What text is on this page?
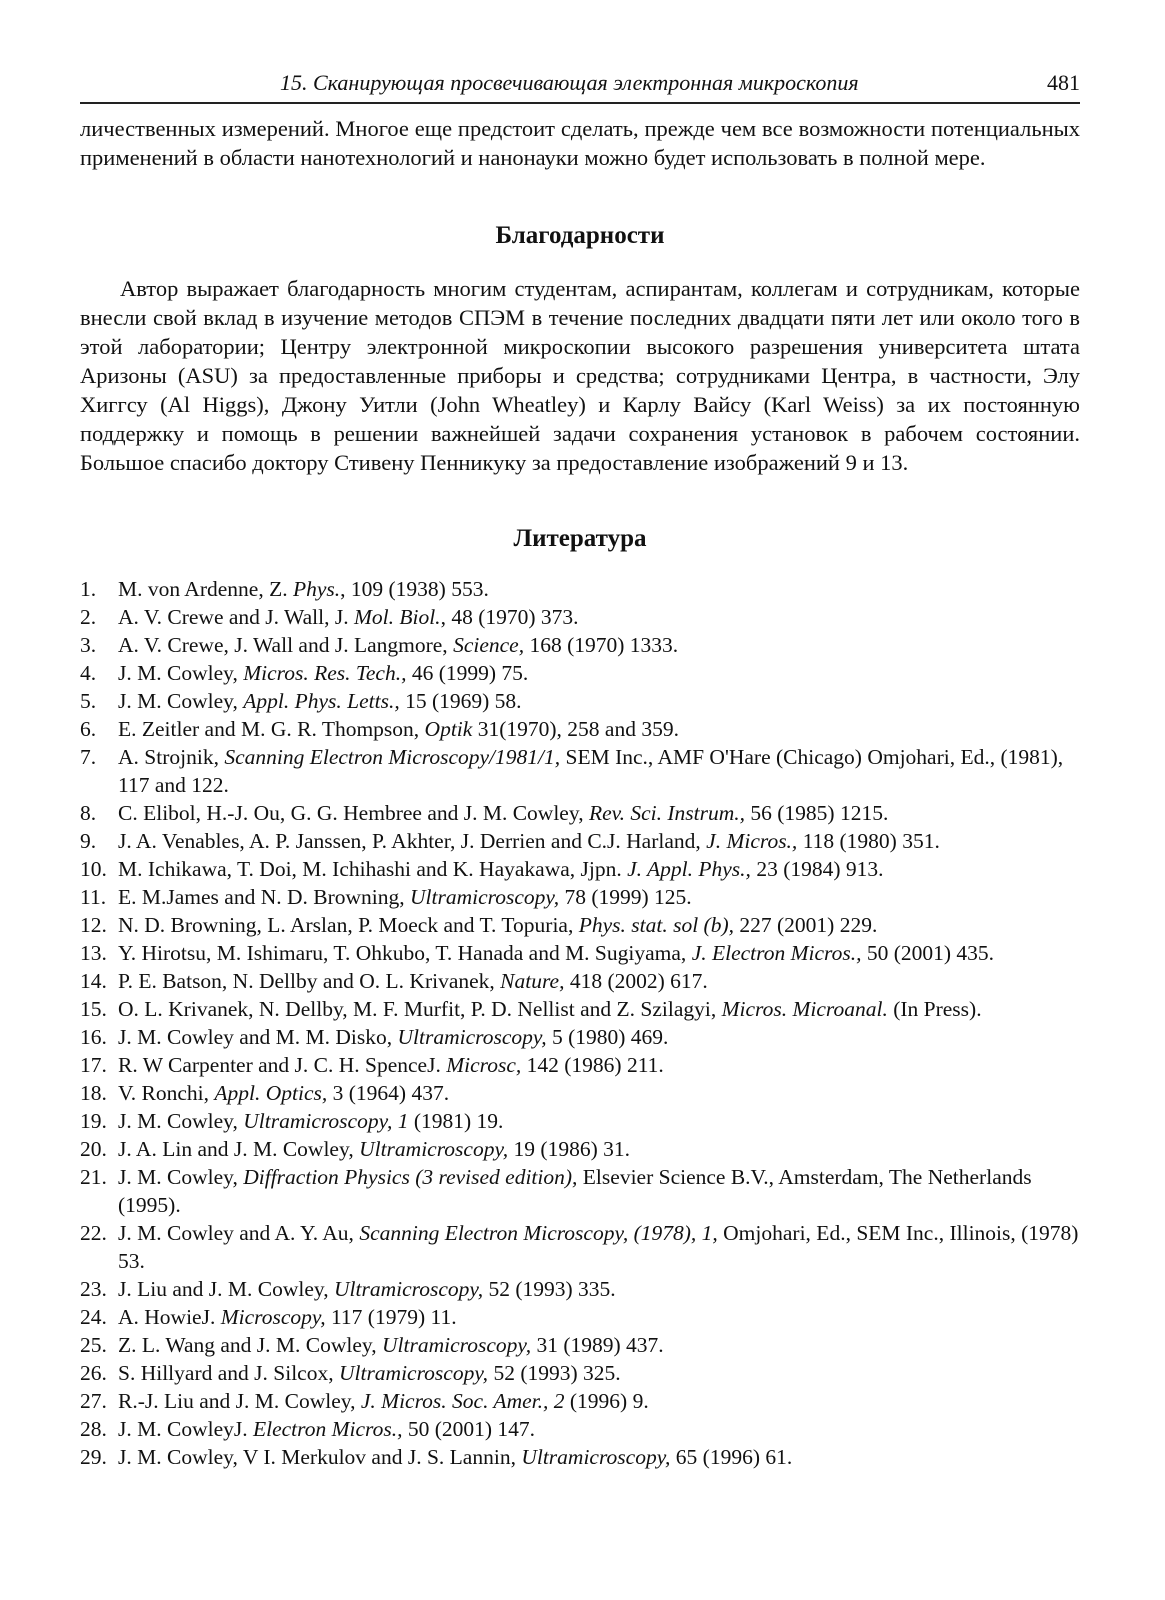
15. Сканирующая просвечивающая электронная микроскопия	481

личественных измерений. Многое еще предстоит сделать, прежде чем все возможности потенциальных применений в области нанотехнологий и нанонауки можно будет использовать в полной мере.

Благодарности

Автор выражает благодарность многим студентам, аспирантам, коллегам и сотрудникам, которые внесли свой вклад в изучение методов СПЭМ в течение последних двадцати пяти лет или около того в этой лаборатории; Центру электронной микроскопии высокого разрешения университета штата Аризоны (ASU) за предоставленные приборы и средства; сотрудниками Центра, в частности, Элу Хиггсу (Al Higgs), Джону Уитли (John Wheatley) и Карлу Вайсу (Karl Weiss) за их постоянную поддержку и помощь в решении важнейшей задачи сохранения установок в рабочем состоянии. Большое спасибо доктору Стивену Пенникуку за предоставление изображений 9 и 13.

Литература
1.	M. von Ardenne, Z. Phys., 109 (1938) 553.
2.	A. V. Crewe and J. Wall, J. Mol. Biol., 48 (1970) 373.
3.	A. V. Crewe, J. Wall and J. Langmore, Science, 168 (1970) 1333.
4.	J. M. Cowley, Micros. Res. Tech., 46 (1999) 75.
5.	J. M. Cowley, Appl. Phys. Letts., 15 (1969) 58.
6.	E. Zeitler and M. G. R. Thompson, Optik 31(1970), 258 and 359.
7.	A. Strojnik, Scanning Electron Microscopy/1981/1, SEM Inc., AMF O'Hare (Chicago) Omjohari, Ed., (1981), 117 and 122.
8.	C. Elibol, H.-J. Ou, G. G. Hembree and J. M. Cowley, Rev. Sci. Instrum., 56 (1985) 1215.
9.	J. A. Venables, A. P. Janssen, P. Akhter, J. Derrien and C.J. Harland, J. Micros., 118 (1980) 351.
10. M. Ichikawa, T. Doi, M. Ichihashi and K. Hayakawa, Jjpn. J. Appl. Phys., 23 (1984) 913.
11. E. M.James and N. D. Browning, Ultramicroscopy, 78 (1999) 125.
12. N. D. Browning, L. Arslan, P. Moeck and T. Topuria, Phys. stat. sol (b), 227 (2001) 229.
13. Y. Hirotsu, M. Ishimaru, T. Ohkubo, T. Hanada and M. Sugiyama, J. Electron Micros., 50 (2001) 435.
14. P. E. Batson, N. Dellby and O. L. Krivanek, Nature, 418 (2002) 617.
15. O. L. Krivanek, N. Dellby, M. F. Murfit, P. D. Nellist and Z. Szilagyi, Micros. Microanal. (In Press).
16. J. M. Cowley and M. M. Disko, Ultramicroscopy, 5 (1980) 469.
17. R. W Carpenter and J. C. H. SpenceJ. Microsc, 142 (1986) 211.
18. V. Ronchi, Appl. Optics, 3 (1964) 437.
19. J. M. Cowley, Ultramicroscopy, 1 (1981) 19.
20. J. A. Lin and J. M. Cowley, Ultramicroscopy, 19 (1986) 31.
21. J. M. Cowley, Diffraction Physics (3 revised edition), Elsevier Science B.V., Amsterdam, The Netherlands (1995).
22. J. M. Cowley and A. Y. Au, Scanning Electron Microscopy, (1978), 1, Omjohari, Ed., SEM Inc., Illinois, (1978) 53.
23. J. Liu and J. M. Cowley, Ultramicroscopy, 52 (1993) 335.
24. A. HowieJ. Microscopy, 117 (1979) 11.
25. Z. L. Wang and J. M. Cowley, Ultramicroscopy, 31 (1989) 437.
26. S. Hillyard and J. Silcox, Ultramicroscopy, 52 (1993) 325.
27. R.-J. Liu and J. M. Cowley, J. Micros. Soc. Amer., 2 (1996) 9.
28. J. M. CowleyJ. Electron Micros., 50 (2001) 147.
29. J. M. Cowley, V I. Merkulov and J. S. Lannin, Ultramicroscopy, 65 (1996) 61.
